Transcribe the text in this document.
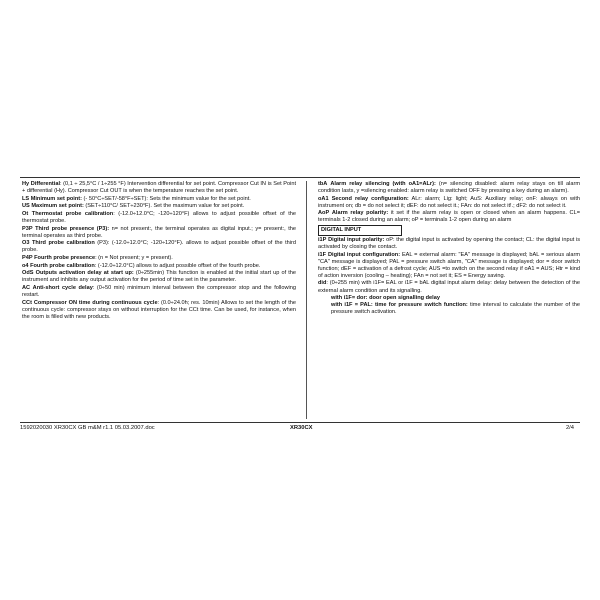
Hy Differential: (0,1 ÷ 25,5°C / 1÷255 °F) Intervention differential for set point. Compressor Cut IN is Set Point + differential (Hy). Compressor Cut OUT is when the temperature reaches the set point.
LS Minimum set point: (- 50°C÷SET/-58°F÷SET): Sets the minimum value for the set point.
US Maximum set point: (SET÷110°C/ SET÷230°F). Set the maximum value for set point.
Ot Thermostat probe calibration: (-12.0÷12.0°C; -120÷120°F) allows to adjust possible offset of the thermostat probe.
P3P Third probe presence (P3): n= not present:, the terminal operates as digital input.; y= present:, the terminal operates as third probe.
O3 Third probe calibration (P3): (-12.0÷12.0°C; -120÷120°F). allows to adjust possible offset of the third probe.
P4P Fourth probe presence: (n = Not present; y = present).
o4 Fourth probe calibration: (-12.0÷12.0°C) allows to adjust possible offset of the fourth probe.
OdS Outputs activation delay at start up: (0÷255min) This function is enabled at the initial start up of the instrument and inhibits any output activation for the period of time set in the parameter.
AC Anti-short cycle delay: (0÷50 min) minimum interval between the compressor stop and the following restart.
CCt Compressor ON time during continuous cycle: (0.0÷24.0h; res. 10min) Allows to set the length of the continuous cycle: compressor stays on without interruption for the CCt time. Can be used, for instance, when the room is filled with new products.
tbA Alarm relay silencing (with oA1=ALr): (n= silencing disabled: alarm relay stays on till alarm condition lasts, y =silencing enabled: alarm relay is switched OFF by pressing a key during an alarm).
oA1 Second relay configuration: ALr: alarm; Lig: light; AuS: Auxiliary relay; onF: always on with instrument on; db = do not select it; dEF: do not select it.; FAn: do not select it!.; dF2: do not select it.
AoP Alarm relay polarity: it set if the alarm relay is open or closed when an alarm happens. CL= terminals 1-2 closed during an alarm; oP = terminals 1-2 open during an alarm
DIGITAL INPUT
i1P Digital input polarity: oP: the digital input is activated by opening the contact; CL: the digital input is activated by closing the contact.
i1F Digital input configuration: EAL = external alarm: "EA" message is displayed; bAL = serious alarm "CA" message is displayed; PAL = pressure switch alarm, "CA" message is displayed; dor = door switch function; dEF = activation of a defrost cycle; AUS =to switch on the second relay if oA1 = AUS; Htr = kind of action inversion (cooling – heating); FAn = not set it; ES = Energy saving.
did: (0÷255 min) with i1F= EAL or i1F = bAL digital input alarm delay: delay between the detection of the external alarm condition and its signalling.
with i1F= dor: door open signalling delay
with i1F = PAL: time for pressure switch function: time interval to calculate the number of the pressure switch activation.
1592020030 XR30CX GB m&M r1.1 05.03.2007.doc	XR30CX	2/4
